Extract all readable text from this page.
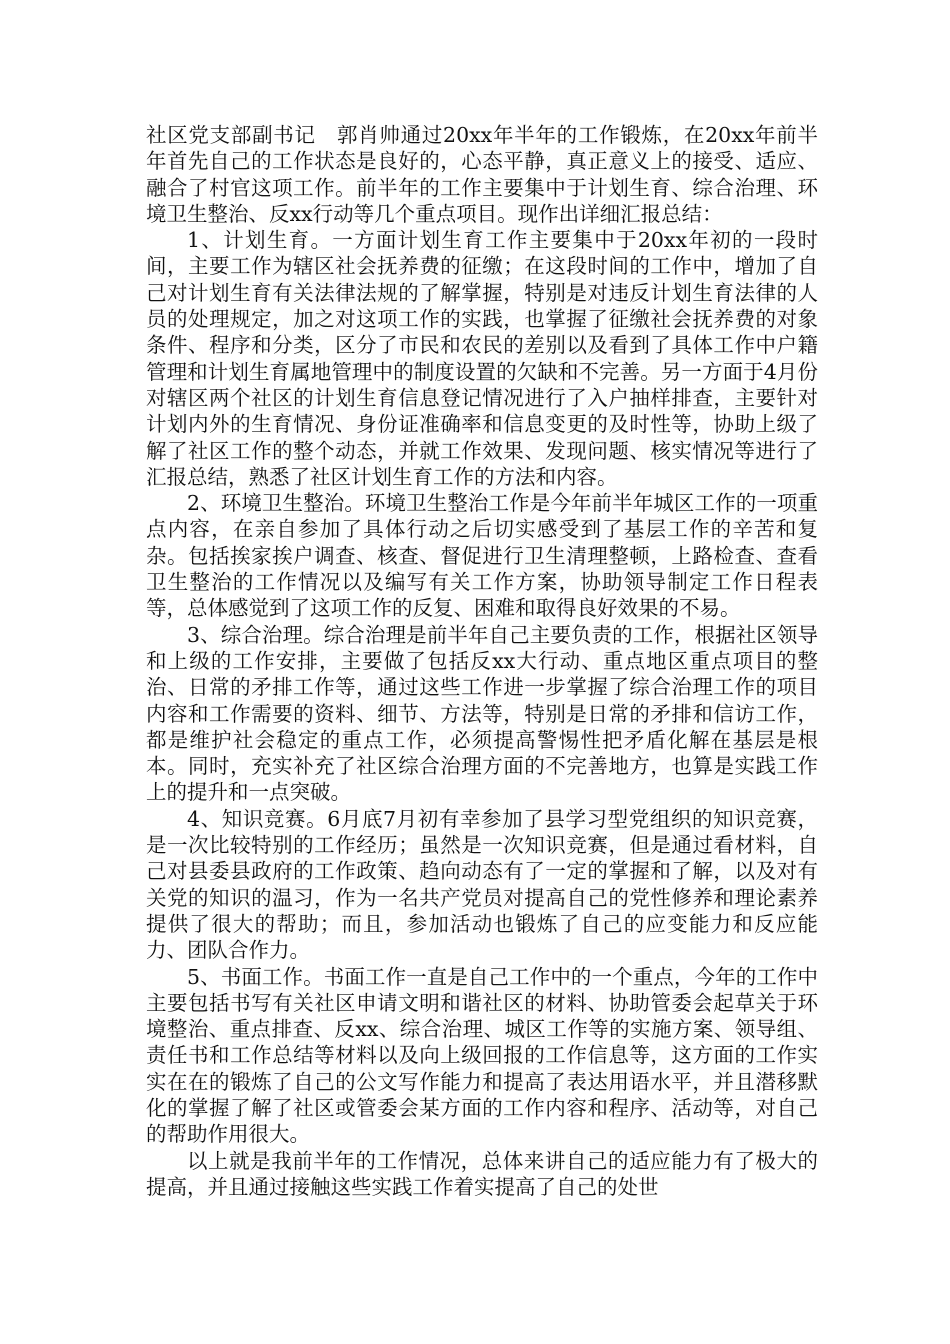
社区党支部副书记　郭肖帅通过20xx年半年的工作锻炼，在20xx年前半年首先自己的工作状态是良好的，心态平静，真正意义上的接受、适应、融合了村官这项工作。前半年的工作主要集中于计划生育、综合治理、环境卫生整治、反xx行动等几个重点项目。现作出详细汇报总结：

1、计划生育。一方面计划生育工作主要集中于20xx年初的一段时间，主要工作为辖区社会抚养费的征缴；在这段时间的工作中，增加了自己对计划生育有关法律法规的了解掌握，特别是对违反计划生育法律的人员的处理规定，加之对这项工作的实践，也掌握了征缴社会抚养费的对象条件、程序和分类，区分了市民和农民的差别以及看到了具体工作中户籍管理和计划生育属地管理中的制度设置的欠缺和不完善。另一方面于4月份对辖区两个社区的计划生育信息登记情况进行了入户抽样排查，主要针对计划内外的生育情况、身份证准确率和信息变更的及时性等，协助上级了解了社区工作的整个动态，并就工作效果、发现问题、核实情况等进行了汇报总结，熟悉了社区计划生育工作的方法和内容。

2、环境卫生整治。环境卫生整治工作是今年前半年城区工作的一项重点内容，在亲自参加了具体行动之后切实感受到了基层工作的辛苦和复杂。包括挨家挨户调查、核查、督促进行卫生清理整顿，上路检查、查看卫生整治的工作情况以及编写有关工作方案，协助领导制定工作日程表等，总体感觉到了这项工作的反复、困难和取得良好效果的不易。

3、综合治理。综合治理是前半年自己主要负责的工作，根据社区领导和上级的工作安排，主要做了包括反xx大行动、重点地区重点项目的整治、日常的矛排工作等，通过这些工作进一步掌握了综合治理工作的项目内容和工作需要的资料、细节、方法等，特别是日常的矛排和信访工作，都是维护社会稳定的重点工作，必须提高警惕性把矛盾化解在基层是根本。同时，充实补充了社区综合治理方面的不完善地方，也算是实践工作上的提升和一点突破。

4、知识竞赛。6月底7月初有幸参加了县学习型党组织的知识竞赛，是一次比较特别的工作经历；虽然是一次知识竞赛，但是通过看材料，自己对县委县政府的工作政策、趋向动态有了一定的掌握和了解，以及对有关党的知识的温习，作为一名共产党员对提高自己的党性修养和理论素养提供了很大的帮助；而且，参加活动也锻炼了自己的应变能力和反应能力、团队合作力。

5、书面工作。书面工作一直是自己工作中的一个重点，今年的工作中主要包括书写有关社区申请文明和谐社区的材料、协助管委会起草关于环境整治、重点排查、反xx、综合治理、城区工作等的实施方案、领导组、责任书和工作总结等材料以及向上级回报的工作信息等，这方面的工作实实在在的锻炼了自己的公文写作能力和提高了表达用语水平，并且潜移默化的掌握了解了社区或管委会某方面的工作内容和程序、活动等，对自己的帮助作用很大。

以上就是我前半年的工作情况，总体来讲自己的适应能力有了极大的提高，并且通过接触这些实践工作着实提高了自己的处世
